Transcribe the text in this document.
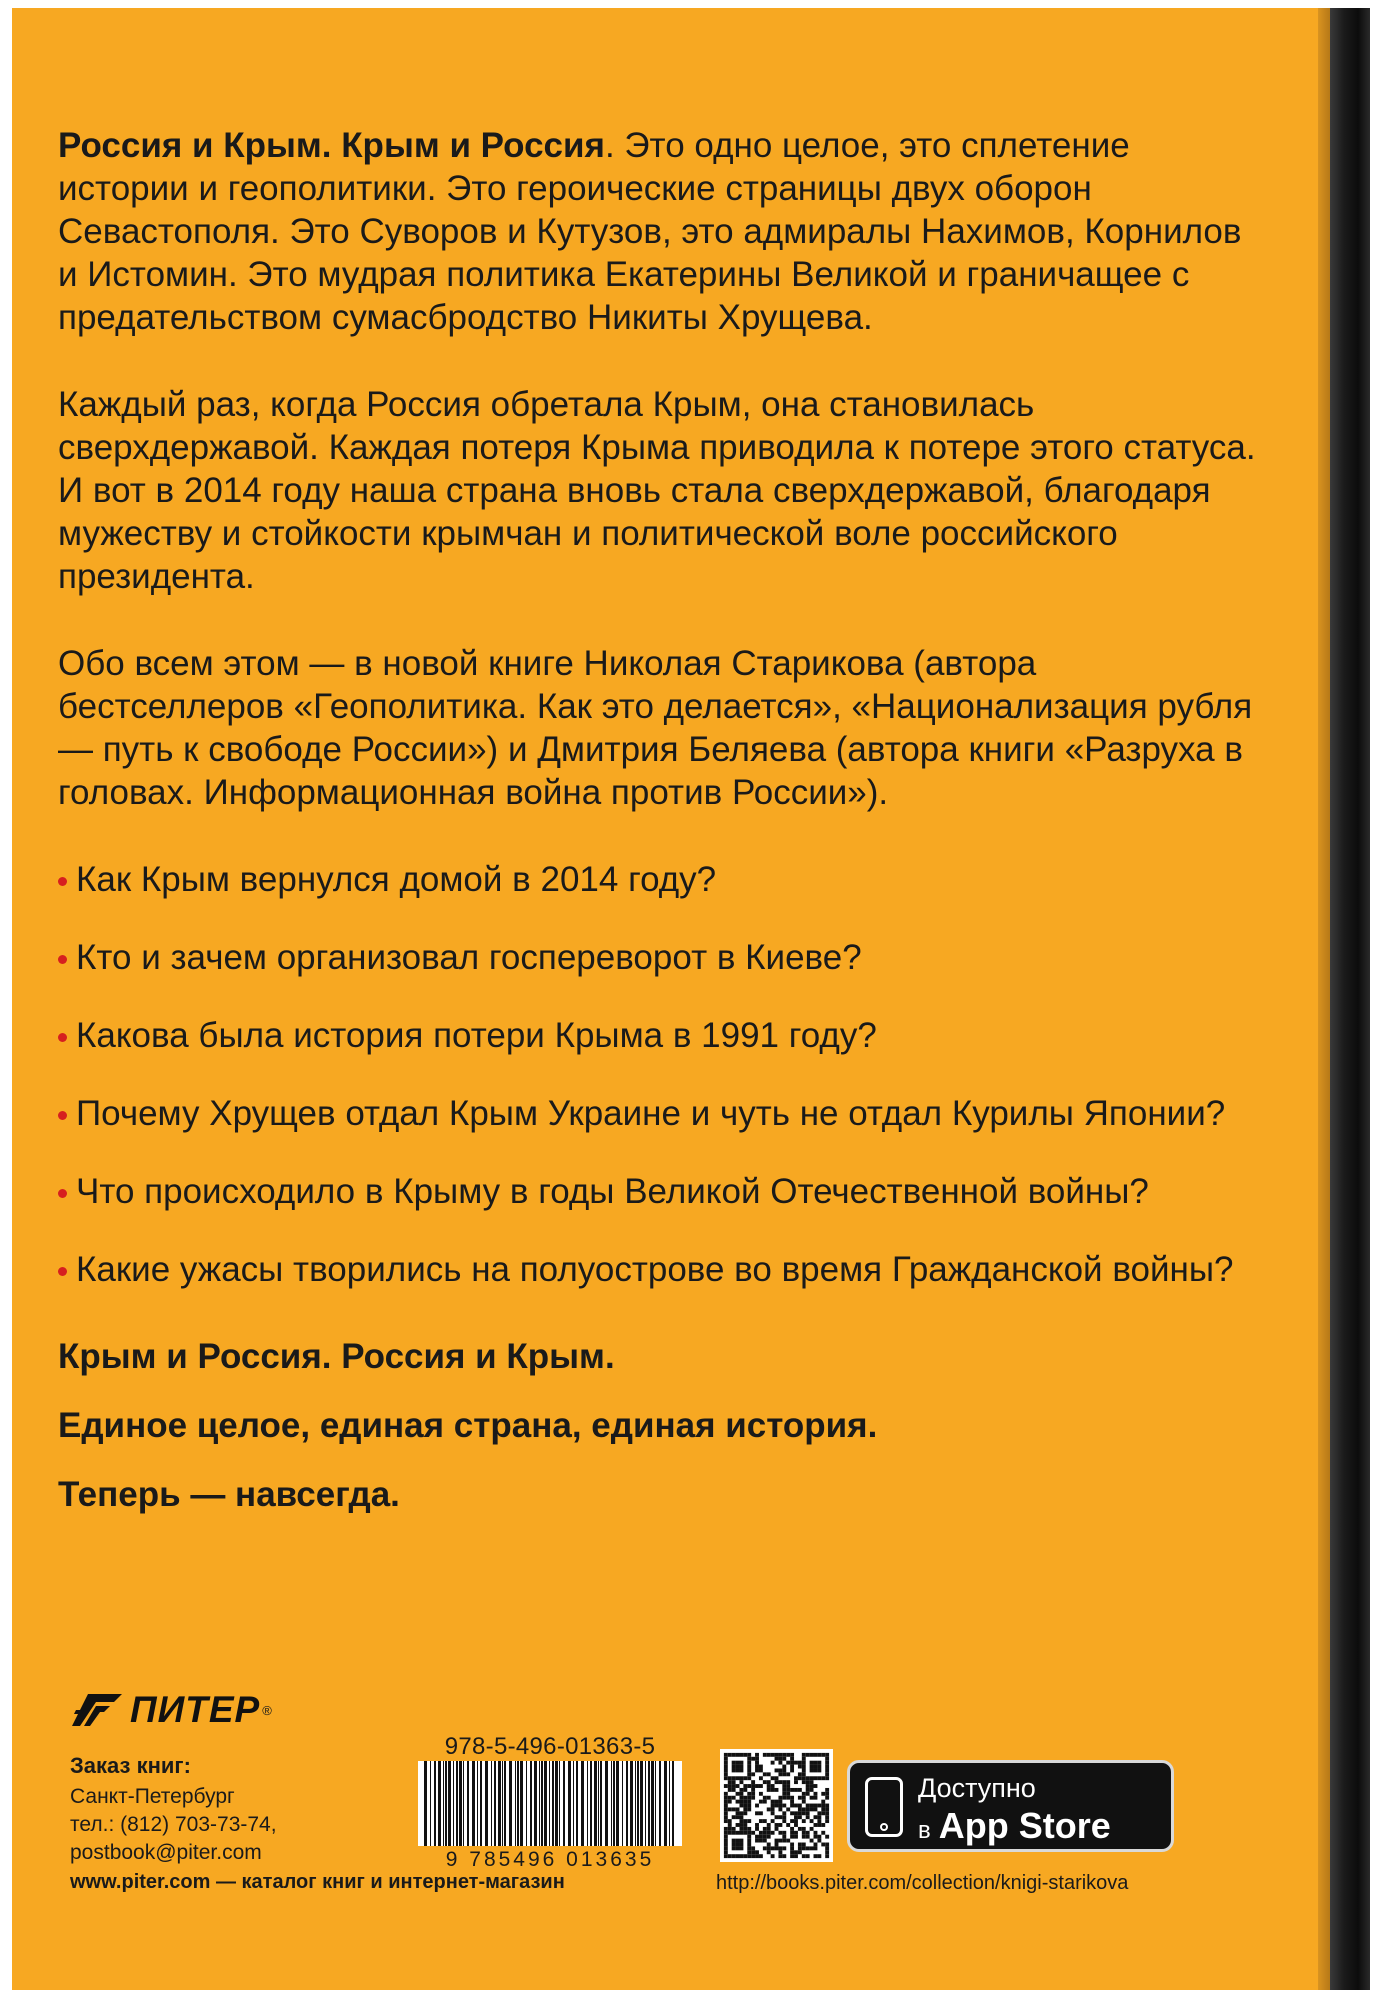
Россия и Крым. Крым и Россия. Это одно целое, это сплетение истории и геополитики. Это героические страницы двух оборон Севастополя. Это Суворов и Кутузов, это адмиралы Нахимов, Корнилов и Истомин. Это мудрая политика Екатерины Великой и граничащее с предательством сумасбродство Никиты Хрущева.

Каждый раз, когда Россия обретала Крым, она становилась сверхдержавой. Каждая потеря Крыма приводила к потере этого статуса. И вот в 2014 году наша страна вновь стала сверхдержавой, благодаря мужеству и стойкости крымчан и политической воле российского президента.

Обо всем этом — в новой книге Николая Старикова (автора бестселлеров «Геополитика. Как это делается», «Национализация рубля — путь к свободе России») и Дмитрия Беляева (автора книги «Разруха в головах. Информационная война против России»).

Как Крым вернулся домой в 2014 году?
Кто и зачем организовал госпереворот в Киеве?
Какова была история потери Крыма в 1991 году?
Почему Хрущев отдал Крым Украине и чуть не отдал Курилы Японии?
Что происходило в Крыму в годы Великой Отечественной войны?
Какие ужасы творились на полуострове во время Гражданской войны?

Крым и Россия. Россия и Крым.

Единое целое, единая страна, единая история.

Теперь — навсегда.

ПИТЕР ®
Заказ книг:
Санкт-Петербург
тел.: (812) 703-73-74,
postbook@piter.com
www.piter.com — каталог книг и интернет-магазин
978-5-496-01363-5
9 785496 013635
Доступно
в App Store
http://books.piter.com/collection/knigi-starikova
